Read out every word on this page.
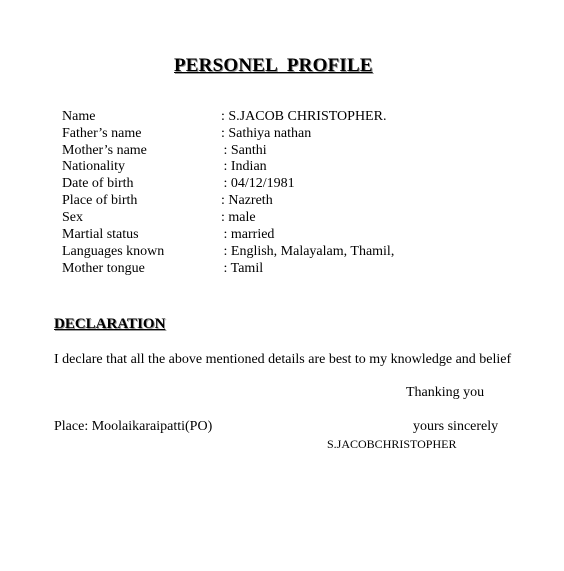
PERSONEL  PROFILE
Name	: S.JACOB CHRISTOPHER.
Father’s name	: Sathiya nathan
Mother’s name	: Santhi
Nationality	: Indian
Date of birth	: 04/12/1981
Place of birth	: Nazreth
Sex	: male
Martial status	: married
Languages known	: English, Malayalam, Thamil,
Mother tongue	: Tamil
DECLARATION
I declare that all the above mentioned details are best to my knowledge and belief
Thanking you
Place: Moolaikaraipatti(PO)	yours sincerely
S.JACOBCHRISTOPHER
